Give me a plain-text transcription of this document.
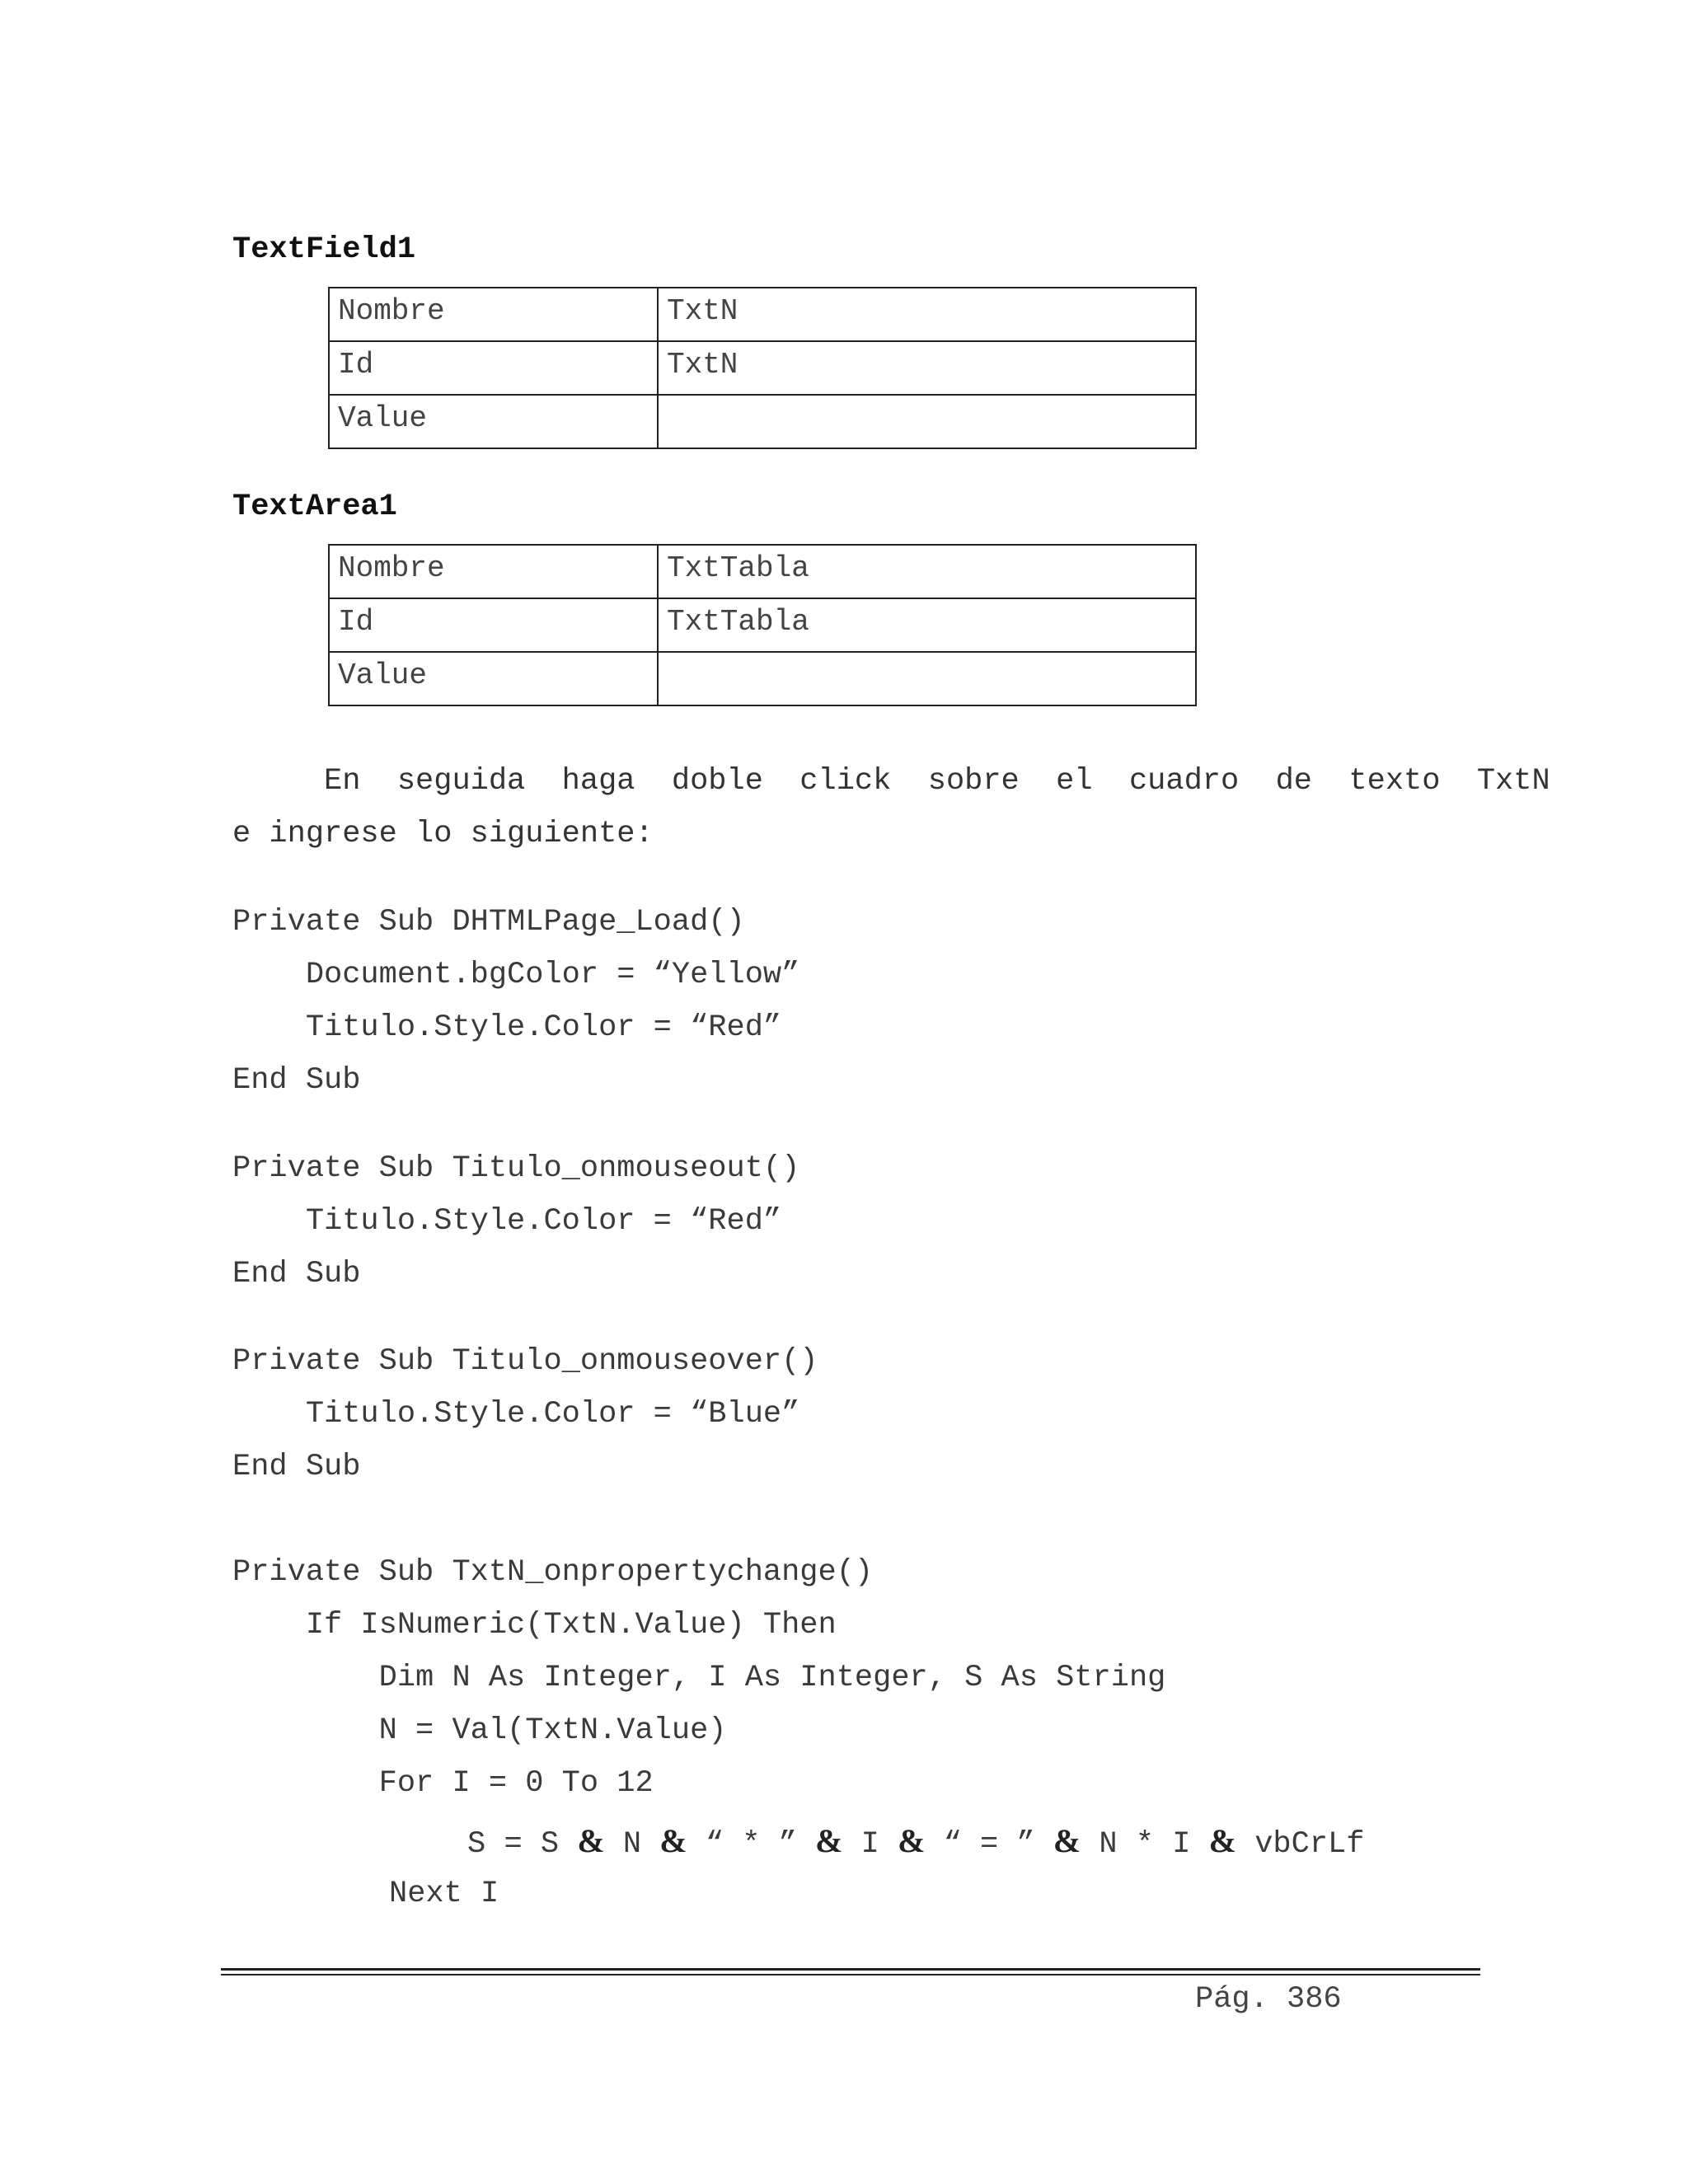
TextField1
Nombre	TxtN
Id	TxtN
Value	
TextArea1
Nombre	TxtTabla
Id	TxtTabla
Value	
En  seguida  haga  doble  click  sobre  el  cuadro  de  texto  TxtN
e ingrese lo siguiente:
Private Sub DHTMLPage_Load()
Document.bgColor = “Yellow”
Titulo.Style.Color = “Red”
End Sub
Private Sub Titulo_onmouseout()
Titulo.Style.Color = “Red”
End Sub
Private Sub Titulo_onmouseover()
Titulo.Style.Color = “Blue”
End Sub
Private Sub TxtN_onpropertychange()
If IsNumeric(TxtN.Value) Then
Dim N As Integer, I As Integer, S As String
N = Val(TxtN.Value)
For I = 0 To 12
S = S & N & “ * ” & I & “ = ” & N * I & vbCrLf
Next I
Pág. 386
